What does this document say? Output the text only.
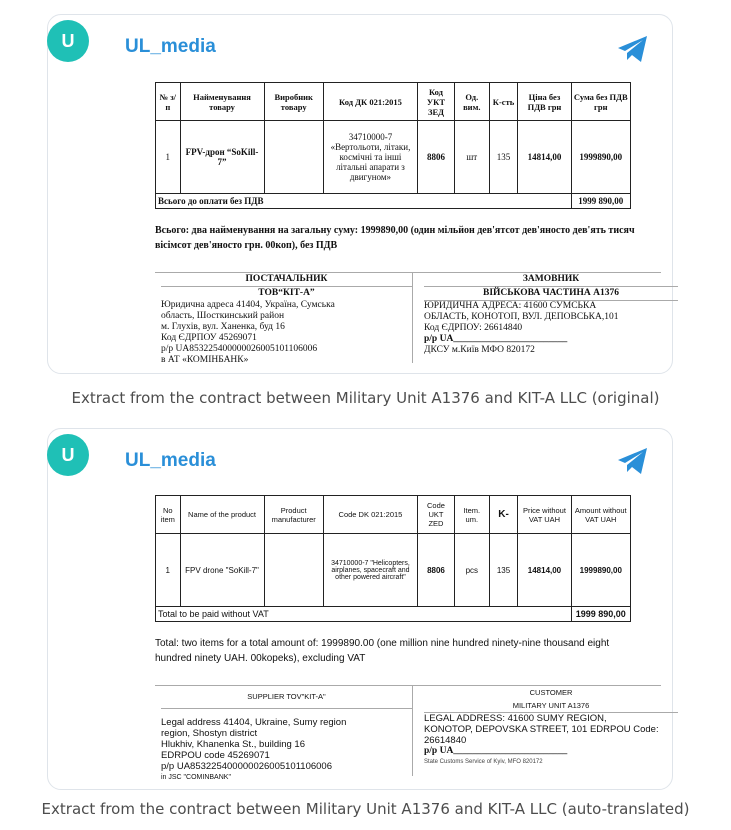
U	UL_media
№ з/п	Найменування товару	Виробник товару	Код ДК 021:2015	Код УКТ ЗЕД	Од. вим.	К-сть	Ціна без ПДВ грн	Сума без ПДВ грн
1	FPV-дрон “SoKill-7”		34710000-7 «Вертольоти, літаки, космічні та інші літальні апарати з двигуном»	8806	шт	135	14814,00	1999890,00
Всього до оплати без ПДВ								1999 890,00
Всього: два найменування на загальну суму: 1999890,00 (один мільйон дев'ятсот дев'яносто дев'ять тисяч вісімсот дев'яносто грн. 00коп), без ПДВ
ПОСТАЧАЛЬНИК
ТОВ“КІТ-А”
Юридична адреса 41404, Україна, Сумська
область, Шосткинський район
м. Глухів, вул. Ханенка, буд 16
Код ЄДРПОУ 45269071
р/р UA853225400000026005101106006
в АТ «КОМІНБАНК»
ЗАМОВНИК
ВІЙСЬКОВА ЧАСТИНА А1376
ЮРИДИЧНА АДРЕСА: 41600 СУМСЬКА
ОБЛАСТЬ, КОНОТОП, ВУЛ. ДЕПОВСЬКА,101
Код ЄДРПОУ: 26614840
р/р UA________________________
ДКСУ м.Київ МФО 820172
Extract from the contract between Military Unit A1376 and KIT-A LLC (original)
U	UL_media
No item	Name of the product	Product manufacturer	Code DK 021:2015	Code UKT ZED	Item. um.	K-	Price without VAT UAH	Amount without VAT UAH
1	FPV drone "SoKill-7"		34710000-7 "Helicopters, airplanes, spacecraft and other powered aircraft"	8806	pcs	135	14814,00	1999890,00
Total to be paid without VAT								1999 890,00
Total: two items for a total amount of: 1999890.00 (one million nine hundred ninety-nine thousand eight hundred ninety UAH. 00kopeks), excluding VAT
SUPPLIER TOV"KIT-A"
Legal address 41404, Ukraine, Sumy region
region, Shostyn district
Hlukhiv, Khanenka St., building 16
EDRPOU code 45269071
p/p UA853225400000026005101106006
in JSC "COMINBANK"
CUSTOMER
MILITARY UNIT A1376
LEGAL ADDRESS: 41600 SUMY REGION,
KONOTOP, DEPOVSKA STREET, 101 EDRPOU Code:
26614840
p/p UA________________________
State Customs Service of Kyiv, MFO 820172
Extract from the contract between Military Unit A1376 and KIT-A LLC (auto-translated)
